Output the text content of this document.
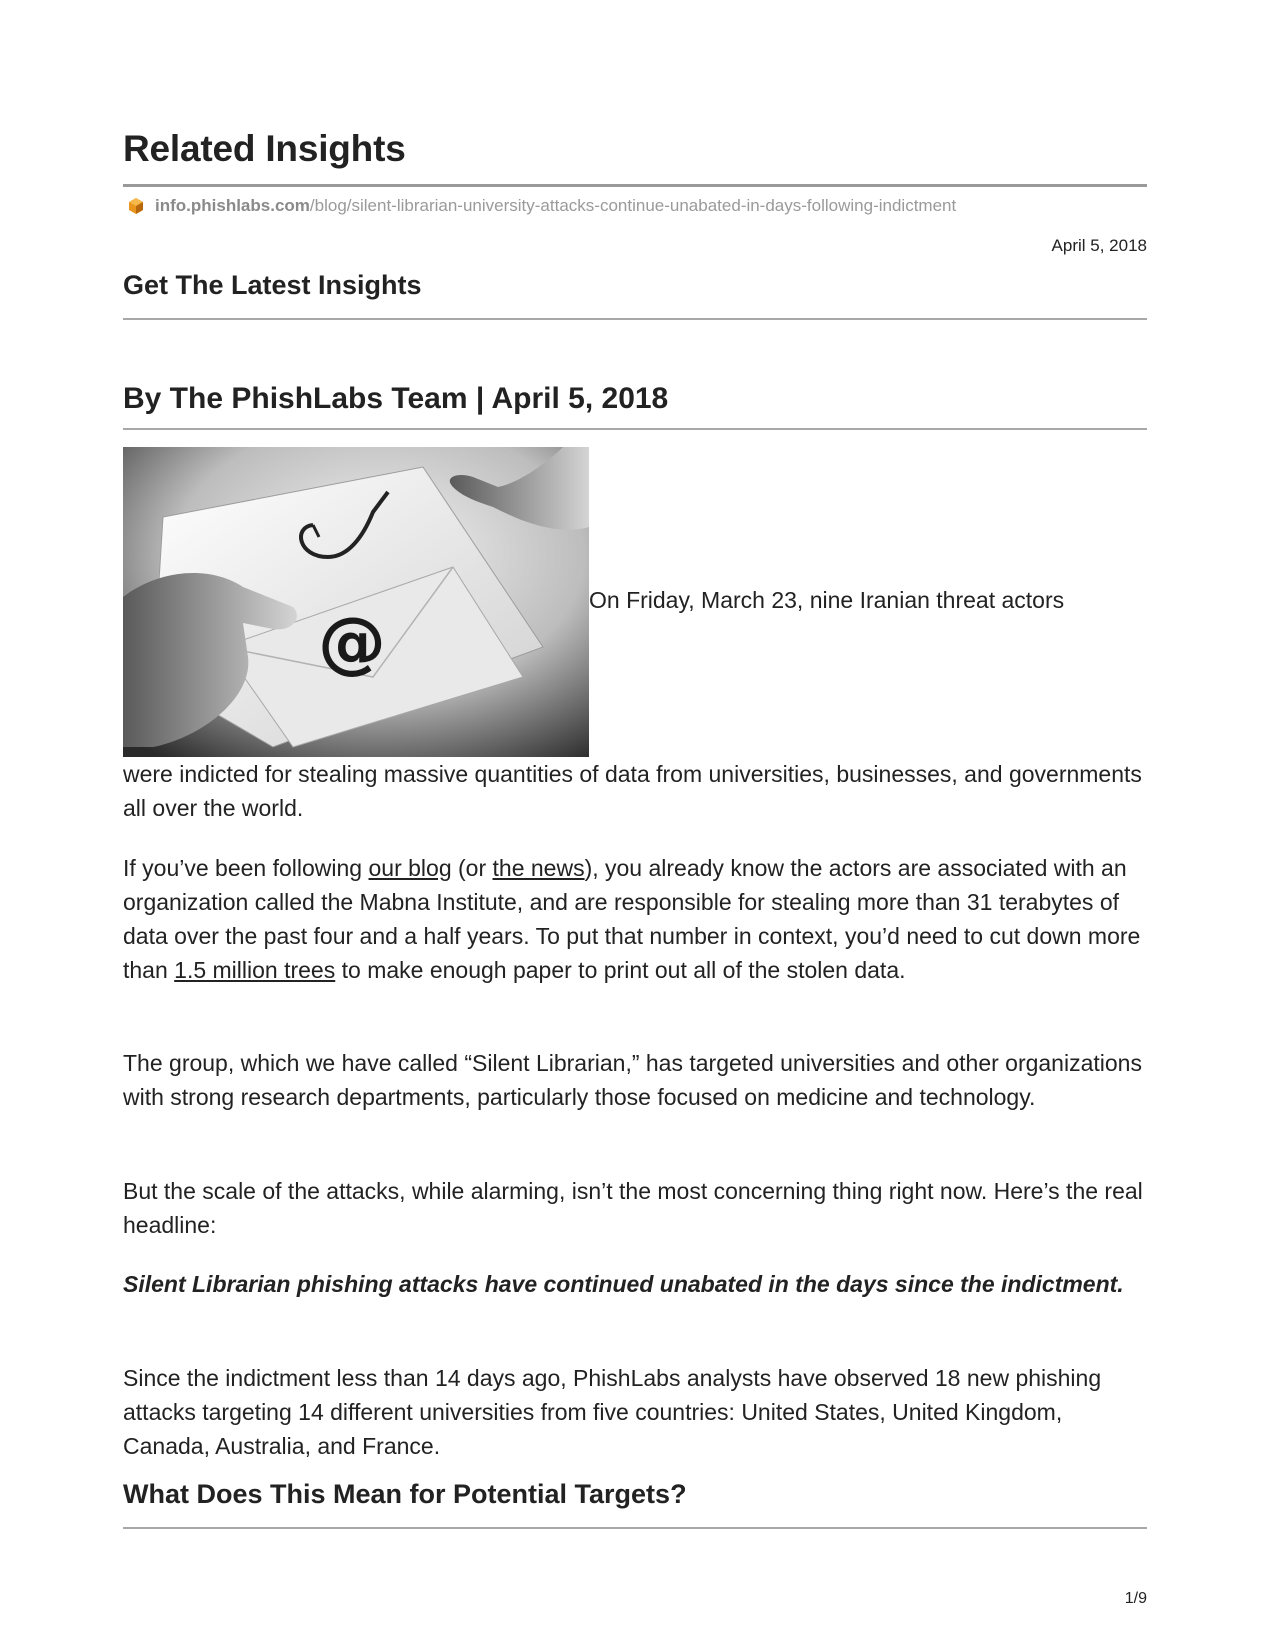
Related Insights
info.phishlabs.com /blog/silent-librarian-university-attacks-continue-unabated-in-days-following-indictment
April 5, 2018
Get The Latest Insights
By The PhishLabs Team | April 5, 2018
@
On Friday, March 23, nine Iranian threat actors

were indicted for stealing massive quantities of data from universities, businesses, and governments all over the world.

If you’ve been following our blog (or the news), you already know the actors are associated with an organization called the Mabna Institute, and are responsible for stealing more than 31 terabytes of data over the past four and a half years. To put that number in context, you’d need to cut down more than 1.5 million trees to make enough paper to print out all of the stolen data.

The group, which we have called “Silent Librarian,” has targeted universities and other organizations with strong research departments, particularly those focused on medicine and technology.

But the scale of the attacks, while alarming, isn’t the most concerning thing right now. Here’s the real headline:

Silent Librarian phishing attacks have continued unabated in the days since the indictment.

Since the indictment less than 14 days ago, PhishLabs analysts have observed 18 new phishing attacks targeting 14 different universities from five countries: United States, United Kingdom, Canada, Australia, and France.

What Does This Mean for Potential Targets?
1/9
